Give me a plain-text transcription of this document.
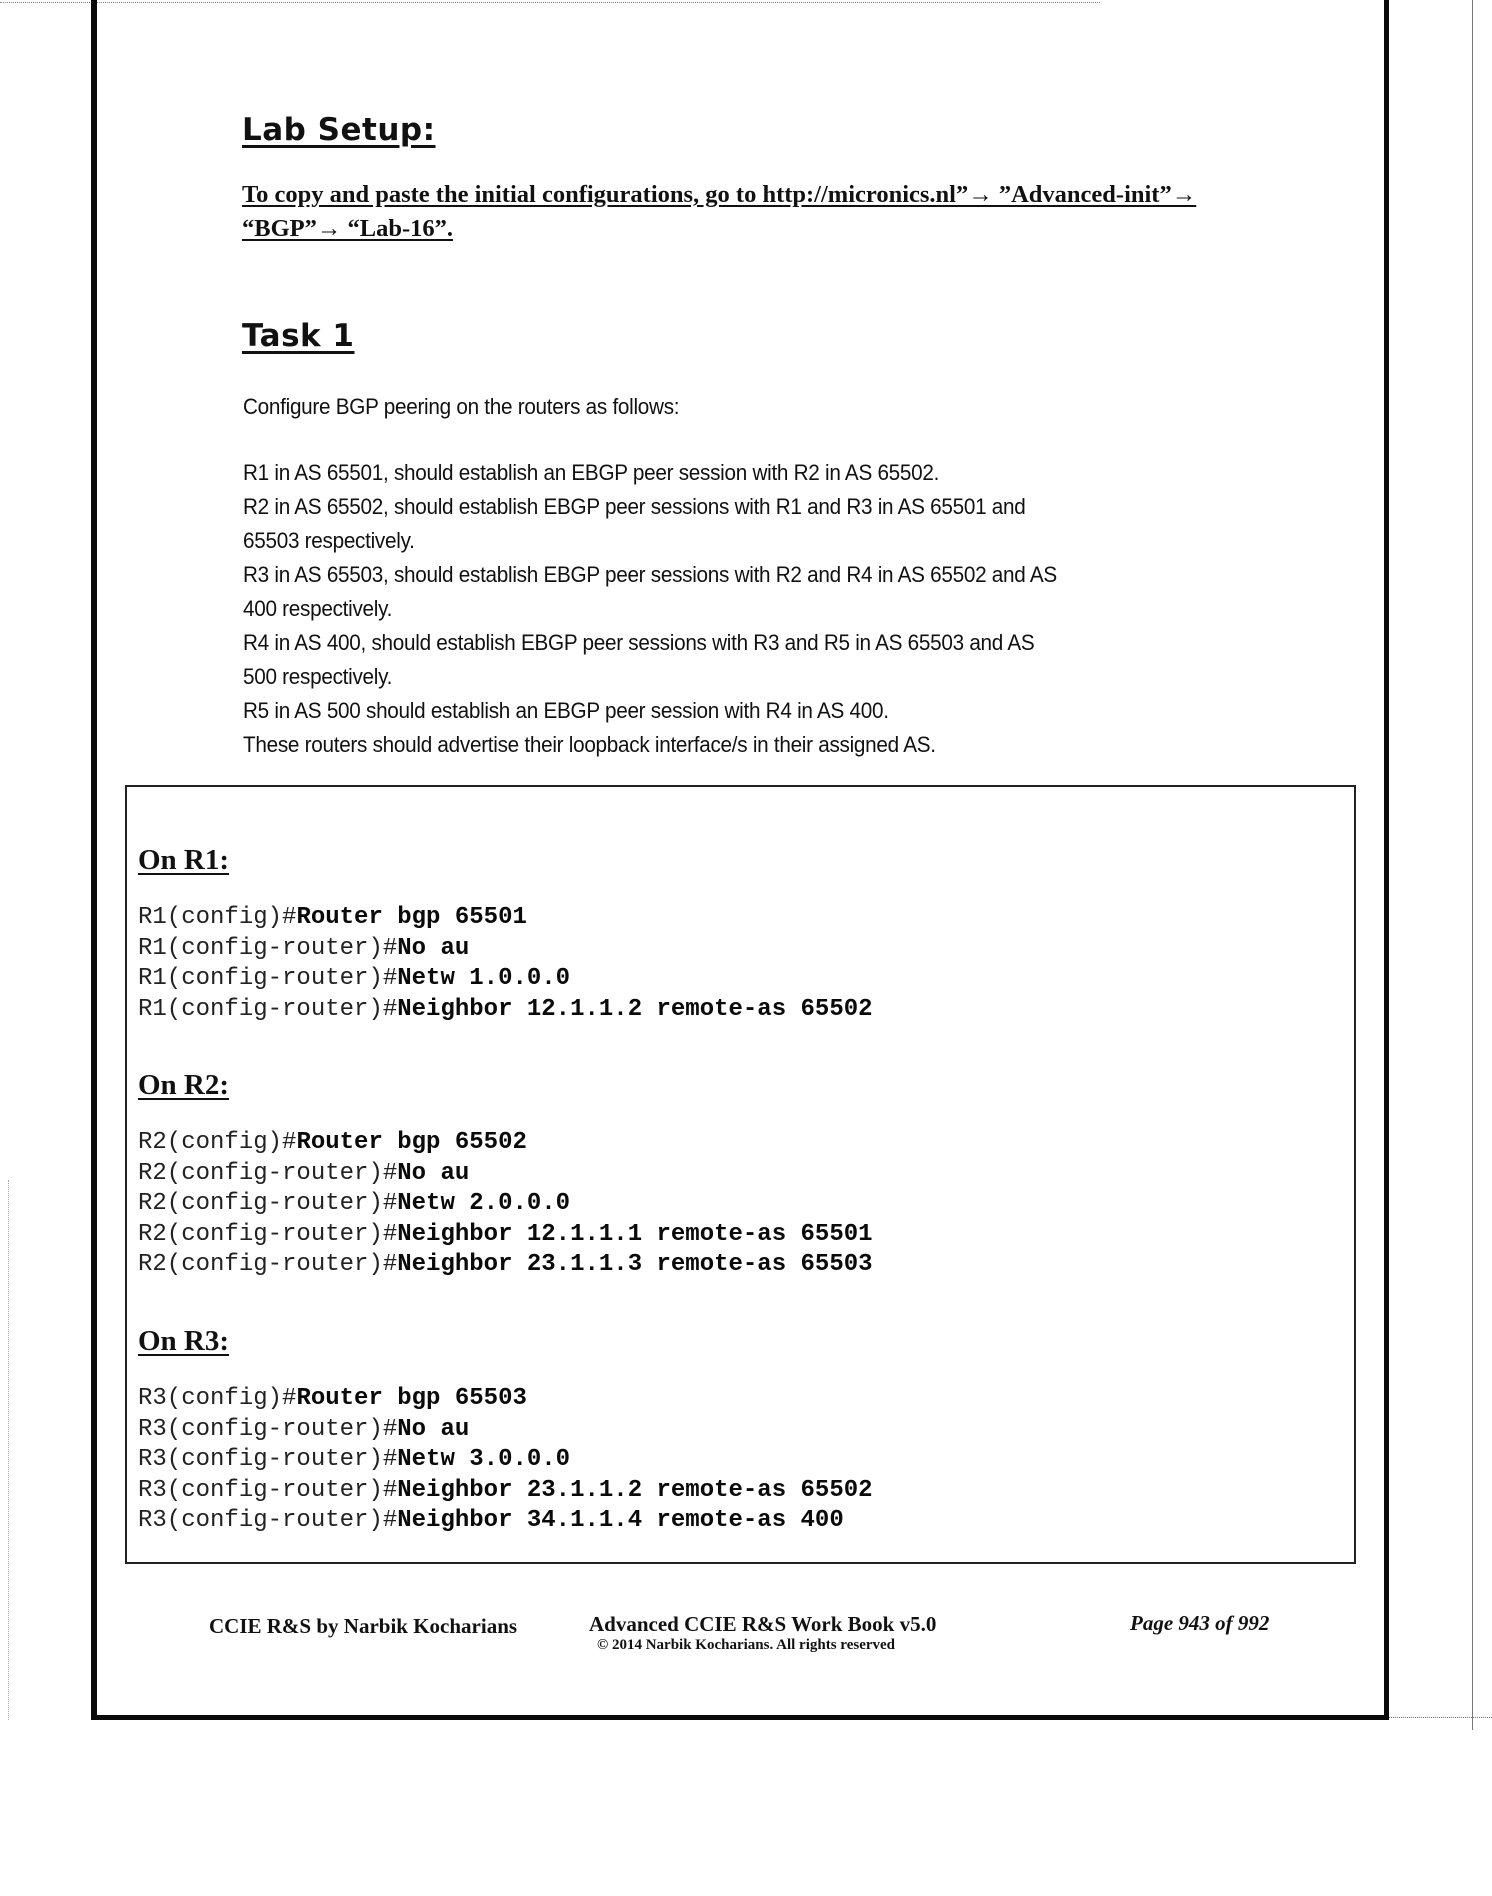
Lab Setup:

To copy and paste the initial configurations, go to http://micronics.nl”→ ”Advanced-init”→ “BGP”→ “Lab-16”.

Task 1

Configure BGP peering on the routers as follows:

R1 in AS 65501, should establish an EBGP peer session with R2 in AS 65502.
R2 in AS 65502, should establish EBGP peer sessions with R1 and R3 in AS 65501 and
65503 respectively.
R3 in AS 65503, should establish EBGP peer sessions with R2 and R4 in AS 65502 and AS
400 respectively.
R4 in AS 400, should establish EBGP peer sessions with R3 and R5 in AS 65503 and AS
500 respectively.
R5 in AS 500 should establish an EBGP peer session with R4 in AS 400.
These routers should advertise their loopback interface/s in their assigned AS.

On R1:

R1(config)#Router bgp 65501

R1(config-router)#No au

R1(config-router)#Netw 1.0.0.0

R1(config-router)#Neighbor 12.1.1.2 remote-as 65502

On R2:

R2(config)#Router bgp 65502

R2(config-router)#No au

R2(config-router)#Netw 2.0.0.0

R2(config-router)#Neighbor 12.1.1.1 remote-as 65501

R2(config-router)#Neighbor 23.1.1.3 remote-as 65503

On R3:

R3(config)#Router bgp 65503

R3(config-router)#No au

R3(config-router)#Netw 3.0.0.0

R3(config-router)#Neighbor 23.1.1.2 remote-as 65502

R3(config-router)#Neighbor 34.1.1.4 remote-as 400

CCIE R&S by Narbik Kocharians	Advanced CCIE R&S Work Book v5.0
© 2014 Narbik Kocharians. All rights reserved

Page 943 of 992
